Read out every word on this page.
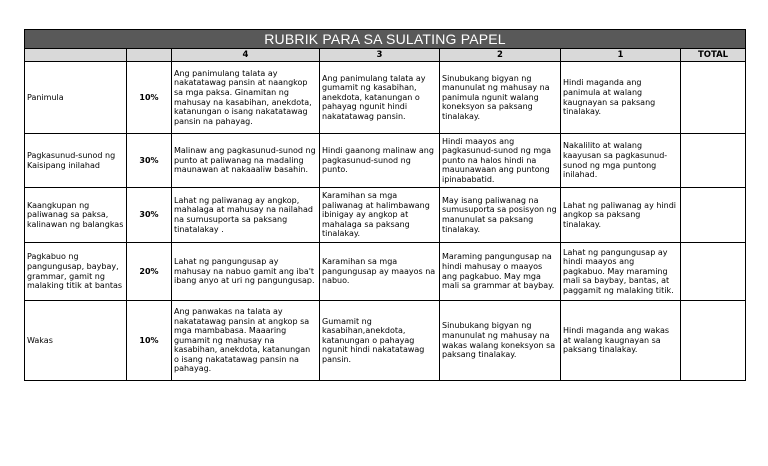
RUBRIK PARA SA SULATING PAPEL						
		4	3	2	1	TOTAL
Panimula	10%	Ang panimulang talata ay nakatatawag pansin at naangkop sa mga paksa. Ginamitan ng mahusay na kasabihan, anekdota, katanungan o isang nakatatawag pansin na pahayag.	Ang panimulang talata ay gumamit ng kasabihan, anekdota, katanungan o pahayag ngunit hindi nakatatawag pansin.	Sinubukang bigyan ng manunulat ng mahusay na panimula ngunit walang koneksyon sa paksang tinalakay.	Hindi maganda ang panimula at walang kaugnayan sa paksang tinalakay.	
Pagkasunud-sunod ng Kaisipang inilahad	30%	Malinaw ang pagkasunud-sunod ng punto at paliwanag na madaling maunawan at nakaaaliw basahin.	Hindi gaanong malinaw ang pagkasunud-sunod ng punto.	Hindi maayos ang pagkasunud-sunod ng mga punto na halos hindi na mauunawaan ang puntong ipinababatid.	Nakalilito at walang kaayusan sa pagkasunud-sunod ng mga puntong inilahad.	
Kaangkupan ng paliwanag sa paksa, kalinawan ng balangkas	30%	Lahat ng paliwanag ay angkop, mahalaga at mahusay na nailahad na sumusuporta sa paksang tinatalakay .	Karamihan sa mga paliwanag at halimbawang ibinigay ay angkop at mahalaga sa paksang tinalakay.	May isang paliwanag na sumusuporta sa posisyon ng manunulat sa paksang tinalakay.	Lahat ng paliwanag ay hindi angkop sa paksang tinalakay.	
Pagkabuo ng pangungusap, baybay, grammar, gamit ng malaking titik at bantas	20%	Lahat ng pangungusap ay mahusay na nabuo gamit ang iba't ibang anyo at uri ng pangungusap.	Karamihan sa mga pangungusap ay maayos na nabuo.	Maraming pangungusap na hindi mahusay o maayos ang pagkabuo. May mga mali sa grammar at baybay.	Lahat ng pangungusap ay hindi maayos ang pagkabuo. May maraming mali sa baybay, bantas, at paggamit ng malaking titik.	
Wakas	10%	Ang panwakas na talata ay nakatatawag pansin at angkop sa mga mambabasa. Maaaring gumamit ng mahusay na kasabihan, anekdota, katanungan o isang nakatatawag pansin na pahayag.	Gumamit ng kasabihan,anekdota, katanungan o pahayag ngunit hindi nakatatawag pansin.	Sinubukang bigyan ng manunulat ng mahusay na wakas walang koneksyon sa paksang tinalakay.	Hindi maganda ang wakas at walang kaugnayan sa paksang tinalakay.	
